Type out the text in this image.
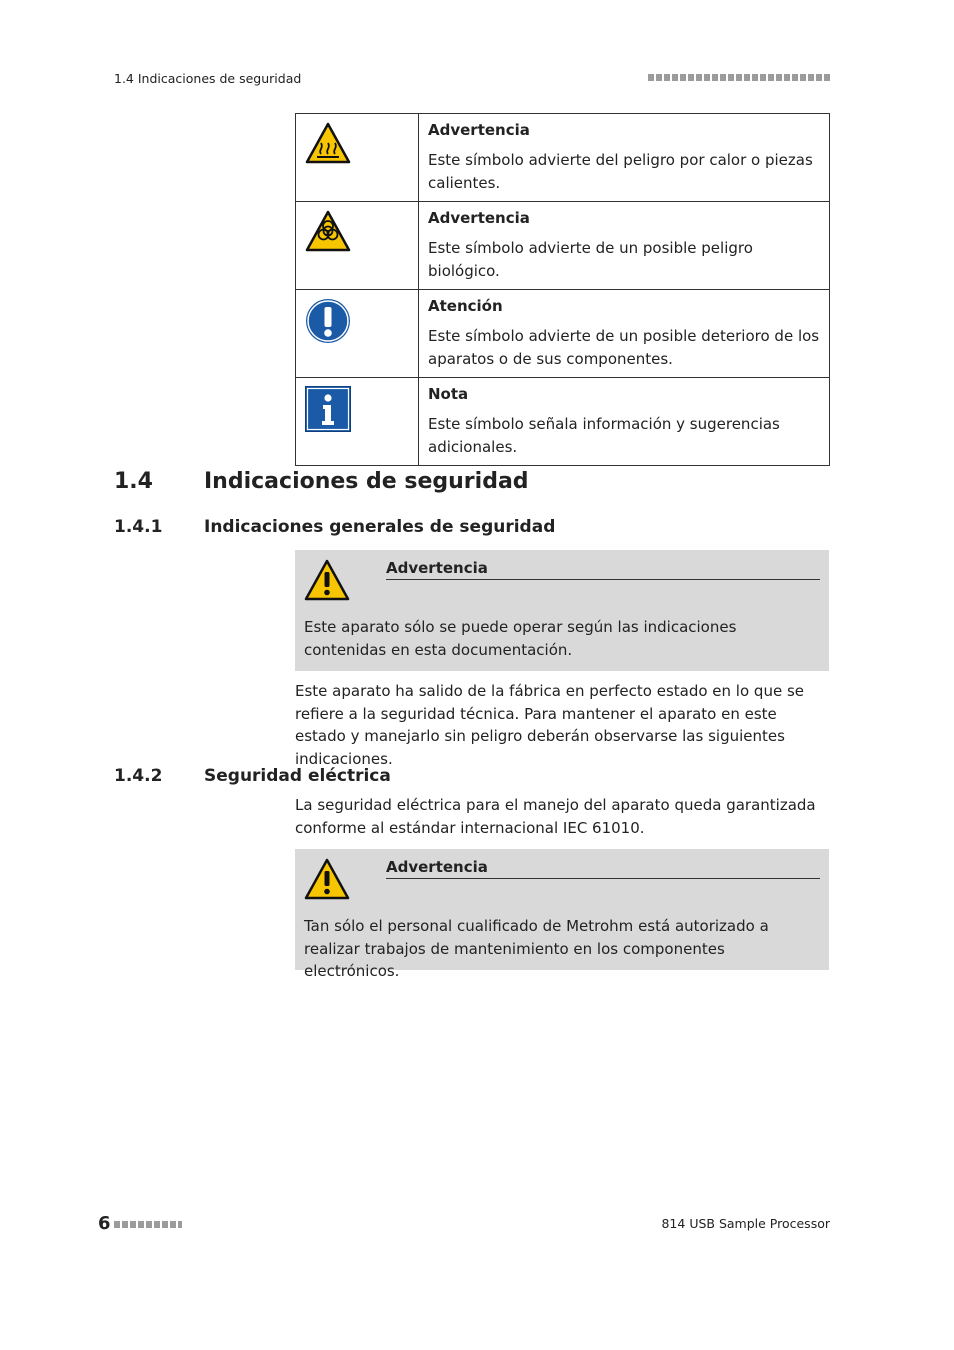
1.4 Indicaciones de seguridad

Advertencia
Este símbolo advierte del peligro por calor o piezas calientes.

Advertencia
Este símbolo advierte de un posible peligro biológico.

Atención
Este símbolo advierte de un posible deterioro de los aparatos o de sus componentes.

Nota
Este símbolo señala información y sugerencias adicionales.
1.4 Indicaciones de seguridad
1.4.1 Indicaciones generales de seguridad
Advertencia
Este aparato sólo se puede operar según las indicaciones contenidas en esta documentación.
Este aparato ha salido de la fábrica en perfecto estado en lo que se refiere a la seguridad técnica. Para mantener el aparato en este estado y manejarlo sin peligro deberán observarse las siguientes indicaciones.
1.4.2 Seguridad eléctrica
La seguridad eléctrica para el manejo del aparato queda garantizada conforme al estándar internacional IEC 61010.
Advertencia
Tan sólo el personal cualificado de Metrohm está autorizado a realizar trabajos de mantenimiento en los componentes electrónicos.
6	814 USB Sample Processor
